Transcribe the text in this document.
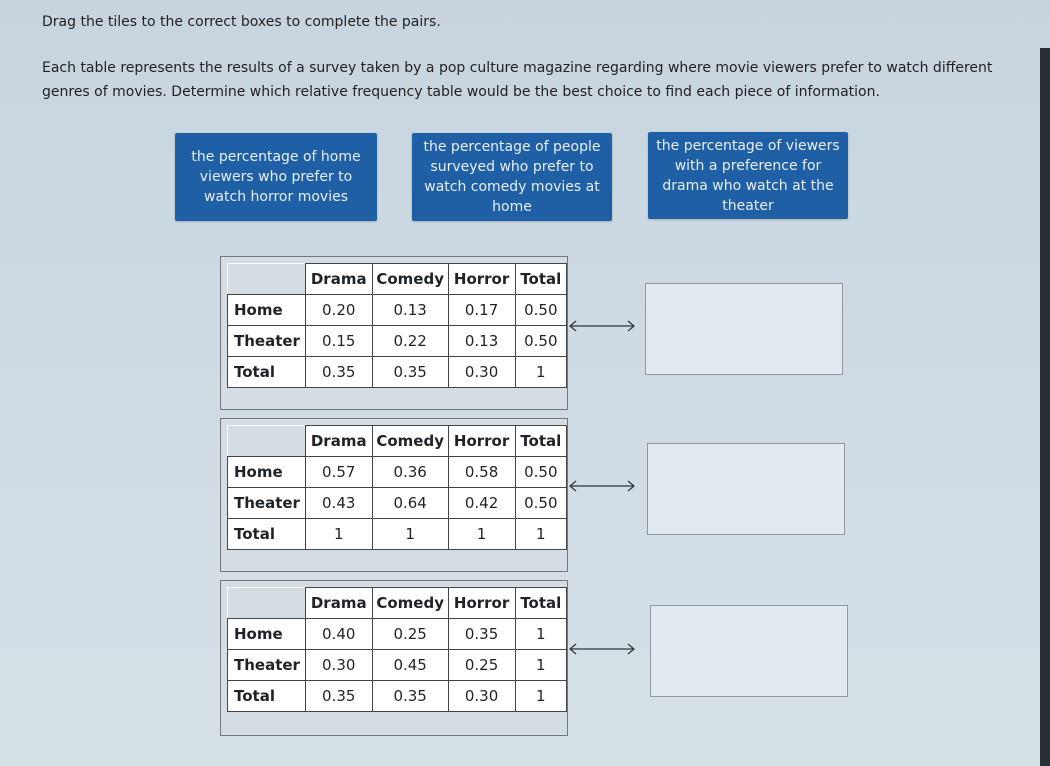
Drag the tiles to the correct boxes to complete the pairs.
Each table represents the results of a survey taken by a pop culture magazine regarding where movie viewers prefer to watch different genres of movies. Determine which relative frequency table would be the best choice to find each piece of information.
the percentage of home viewers who prefer to watch horror movies
the percentage of people surveyed who prefer to watch comedy movies at home
the percentage of viewers with a preference for drama who watch at the theater
	Drama	Comedy	Horror	Total
Home	0.20	0.13	0.17	0.50
Theater	0.15	0.22	0.13	0.50
Total	0.35	0.35	0.30	1
	Drama	Comedy	Horror	Total
Home	0.57	0.36	0.58	0.50
Theater	0.43	0.64	0.42	0.50
Total	1	1	1	1
	Drama	Comedy	Horror	Total
Home	0.40	0.25	0.35	1
Theater	0.30	0.45	0.25	1
Total	0.35	0.35	0.30	1
